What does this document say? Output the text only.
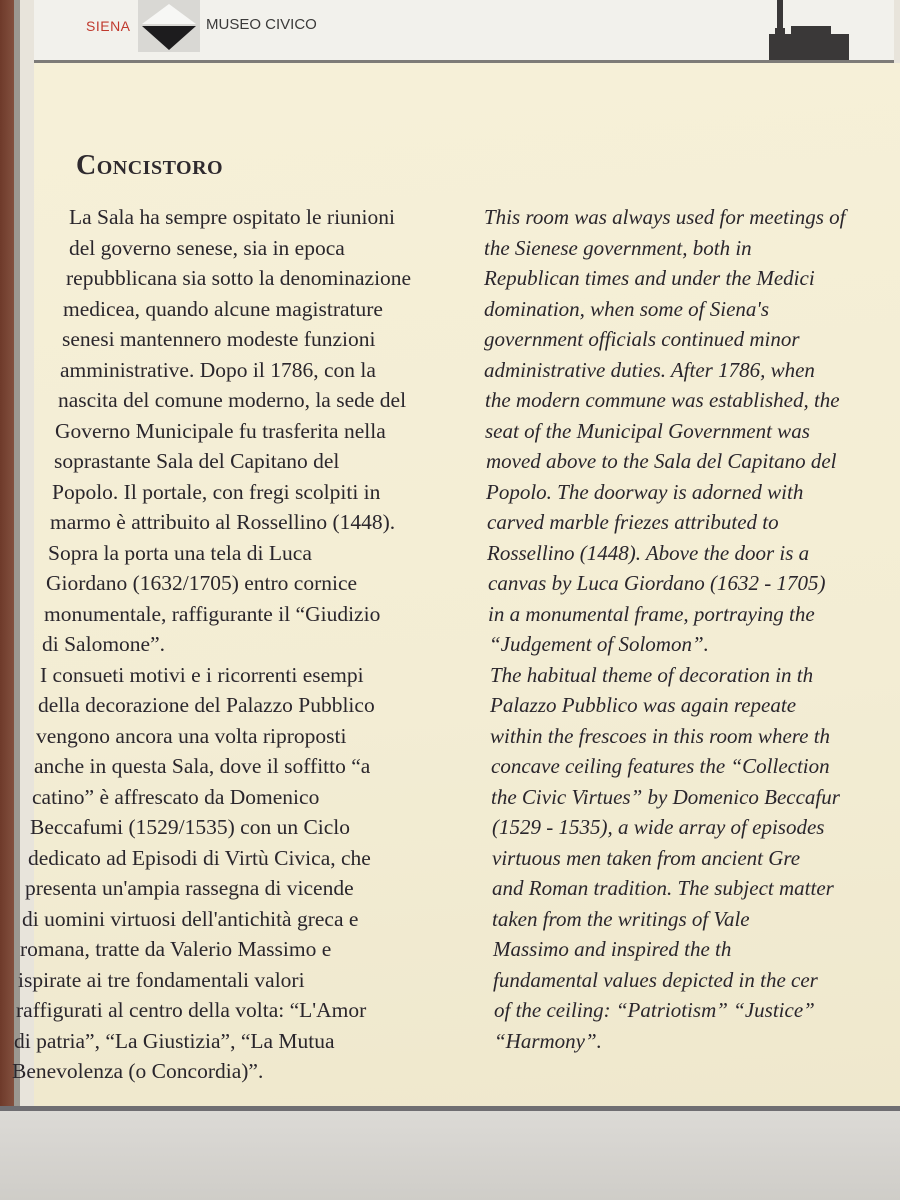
SIENA	MUSEO CIVICO
Concistoro
La Sala ha sempre ospitato le riunioni
del governo senese, sia in epoca
repubblicana sia sotto la denominazione
medicea, quando alcune magistrature
senesi mantennero modeste funzioni
amministrative. Dopo il 1786, con la
nascita del comune moderno, la sede del
Governo Municipale fu trasferita nella
soprastante Sala del Capitano del
Popolo. Il portale, con fregi scolpiti in
marmo è attribuito al Rossellino (1448).
Sopra la porta una tela di Luca
Giordano (1632/1705) entro cornice
monumentale, raffigurante il “Giudizio
di Salomone”.
I consueti motivi e i ricorrenti esempi
della decorazione del Palazzo Pubblico
vengono ancora una volta riproposti
anche in questa Sala, dove il soffitto “a
catino” è affrescato da Domenico
Beccafumi (1529/1535) con un Ciclo
dedicato ad Episodi di Virtù Civica, che
presenta un'ampia rassegna di vicende
di uomini virtuosi dell'antichità greca e
romana, tratte da Valerio Massimo e
ispirate ai tre fondamentali valori
raffigurati al centro della volta: “L'Amor
di patria”, “La Giustizia”, “La Mutua
Benevolenza (o Concordia)”.
This room was always used for meetings of
the Sienese government, both in
Republican times and under the Medici
domination, when some of Siena's
government officials continued minor
administrative duties. After 1786, when
the modern commune was established, the
seat of the Municipal Government was
moved above to the Sala del Capitano del
Popolo. The doorway is adorned with
carved marble friezes attributed to
Rossellino (1448). Above the door is a
canvas by Luca Giordano (1632 - 1705)
in a monumental frame, portraying the
“Judgement of Solomon”.
The habitual theme of decoration in th
Palazzo Pubblico was again repeate
within the frescoes in this room where th
concave ceiling features the “Collection
the Civic Virtues” by Domenico Beccafur
(1529 - 1535), a wide array of episodes
virtuous men taken from ancient Gre
and Roman tradition. The subject matter
taken from the writings of Vale
Massimo and inspired the th
fundamental values depicted in the cer
of the ceiling: “Patriotism” “Justice”
“Harmony”.
